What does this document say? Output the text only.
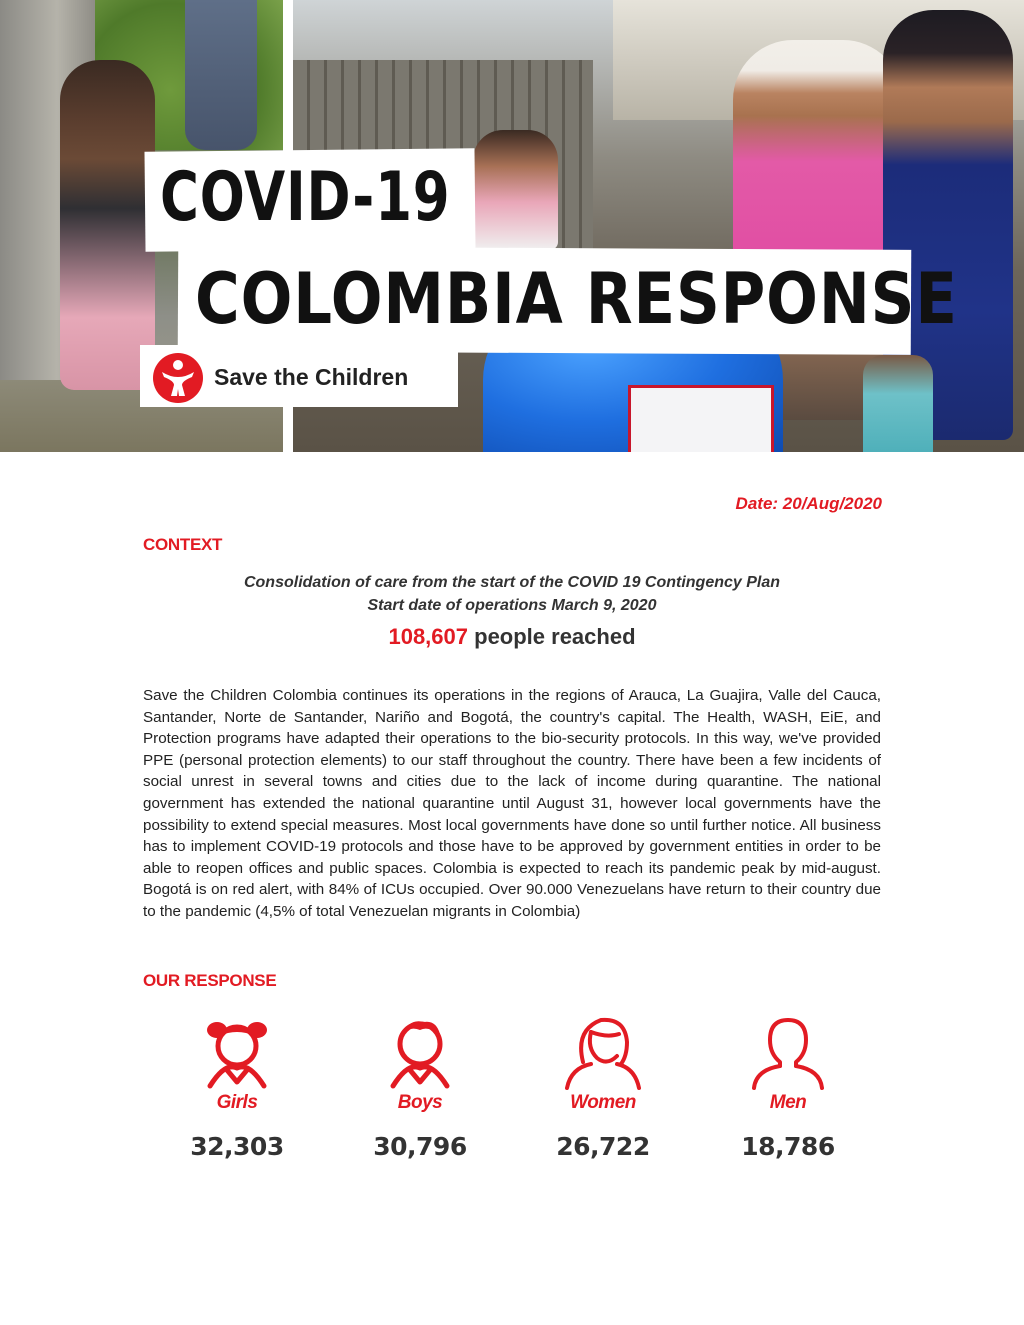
COVID-19
COLOMBIA RESPONSE
Save the Children
Date: 20/Aug/2020
CONTEXT
Consolidation of care from the start of the COVID 19 Contingency Plan
Start date of operations March 9, 2020
108,607 people reached

Save the Children Colombia continues its operations in the regions of Arauca, La Guajira, Valle del Cauca, Santander, Norte de Santander, Nariño and Bogotá, the country's capital. The Health, WASH, EiE, and Protection programs have adapted their operations to the bio-security protocols. In this way, we've provided PPE (personal protection elements) to our staff throughout the country. There have been a few incidents of social unrest in several towns and cities due to the lack of income during quarantine. The national government has extended the national quarantine until August 31, however local governments have the possibility to extend special measures. Most local governments have done so until further notice. All business has to implement COVID-19 protocols and those have to be approved by government entities in order to be able to reopen offices and public spaces. Colombia is expected to reach its pandemic peak by mid-august. Bogotá is on red alert, with 84% of ICUs occupied. Over 90.000 Venezuelans have return to their country due to the pandemic (4,5% of total Venezuelan migrants in Colombia)

OUR RESPONSE
Girls
32,303
Boys
30,796
Women
26,722
Men
18,786
